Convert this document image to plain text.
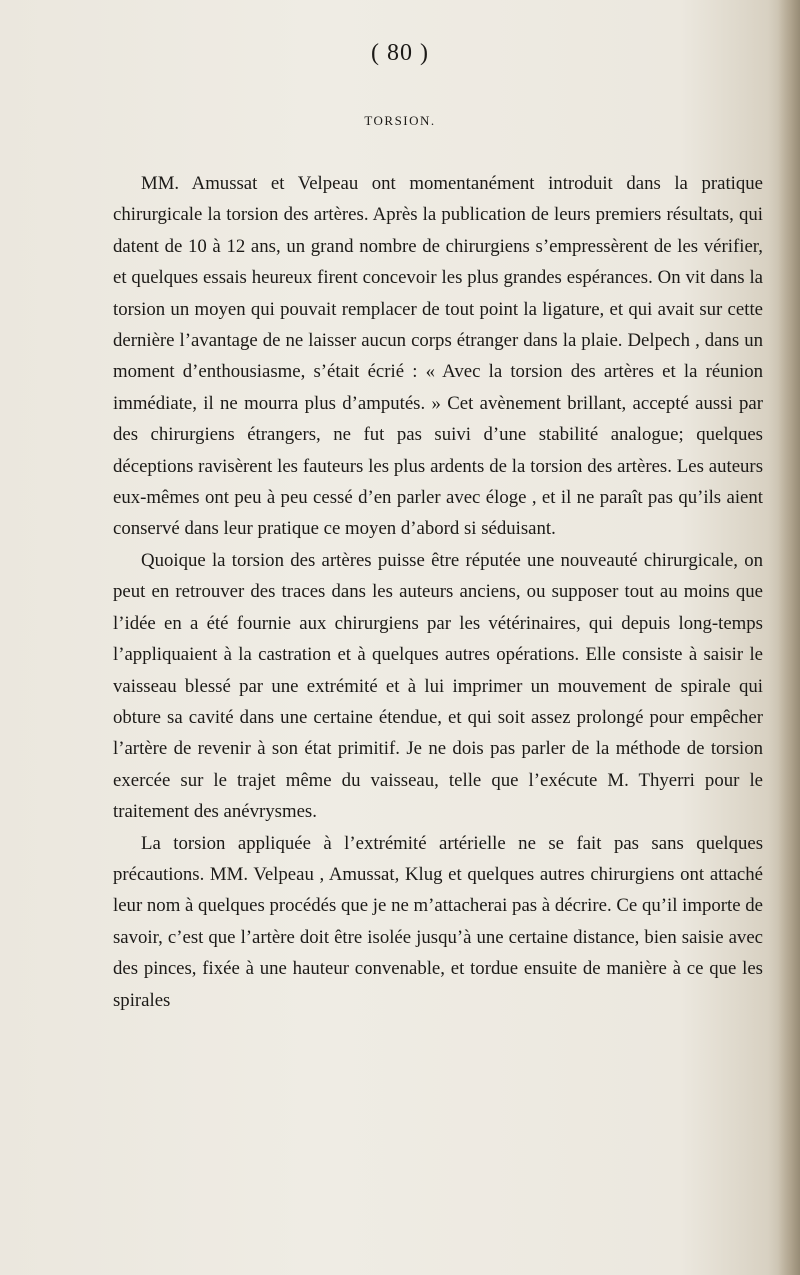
( 80 )
TORSION.

MM. Amussat et Velpeau ont momentanément introduit dans la pratique chirurgicale la torsion des artères. Après la publication de leurs premiers résultats, qui datent de 10 à 12 ans, un grand nombre de chirurgiens s’empressèrent de les vérifier, et quelques essais heureux firent concevoir les plus grandes espérances. On vit dans la torsion un moyen qui pouvait remplacer de tout point la ligature, et qui avait sur cette dernière l’avantage de ne laisser aucun corps étranger dans la plaie. Delpech , dans un moment d’enthousiasme, s’était écrié : « Avec la torsion des artères et la réunion immédiate, il ne mourra plus d’amputés. » Cet avènement brillant, accepté aussi par des chirurgiens étrangers, ne fut pas suivi d’une stabilité analogue; quelques déceptions ravisèrent les fauteurs les plus ardents de la torsion des artères. Les auteurs eux-mêmes ont peu à peu cessé d’en parler avec éloge , et il ne paraît pas qu’ils aient conservé dans leur pratique ce moyen d’abord si séduisant.

Quoique la torsion des artères puisse être réputée une nouveauté chirurgicale, on peut en retrouver des traces dans les auteurs anciens, ou supposer tout au moins que l’idée en a été fournie aux chirurgiens par les vétérinaires, qui depuis long-temps l’appliquaient à la castration et à quelques autres opérations. Elle consiste à saisir le vaisseau blessé par une extrémité et à lui imprimer un mouvement de spirale qui obture sa cavité dans une certaine étendue, et qui soit assez prolongé pour empêcher l’artère de revenir à son état primitif. Je ne dois pas parler de la méthode de torsion exercée sur le trajet même du vaisseau, telle que l’exécute M. Thyerri pour le traitement des anévrysmes.

La torsion appliquée à l’extrémité artérielle ne se fait pas sans quelques précautions. MM. Velpeau , Amussat, Klug et quelques autres chirurgiens ont attaché leur nom à quelques procédés que je ne m’attacherai pas à décrire. Ce qu’il importe de savoir, c’est que l’artère doit être isolée jusqu’à une certaine distance, bien saisie avec des pinces, fixée à une hauteur convenable, et tordue ensuite de manière à ce que les spirales
